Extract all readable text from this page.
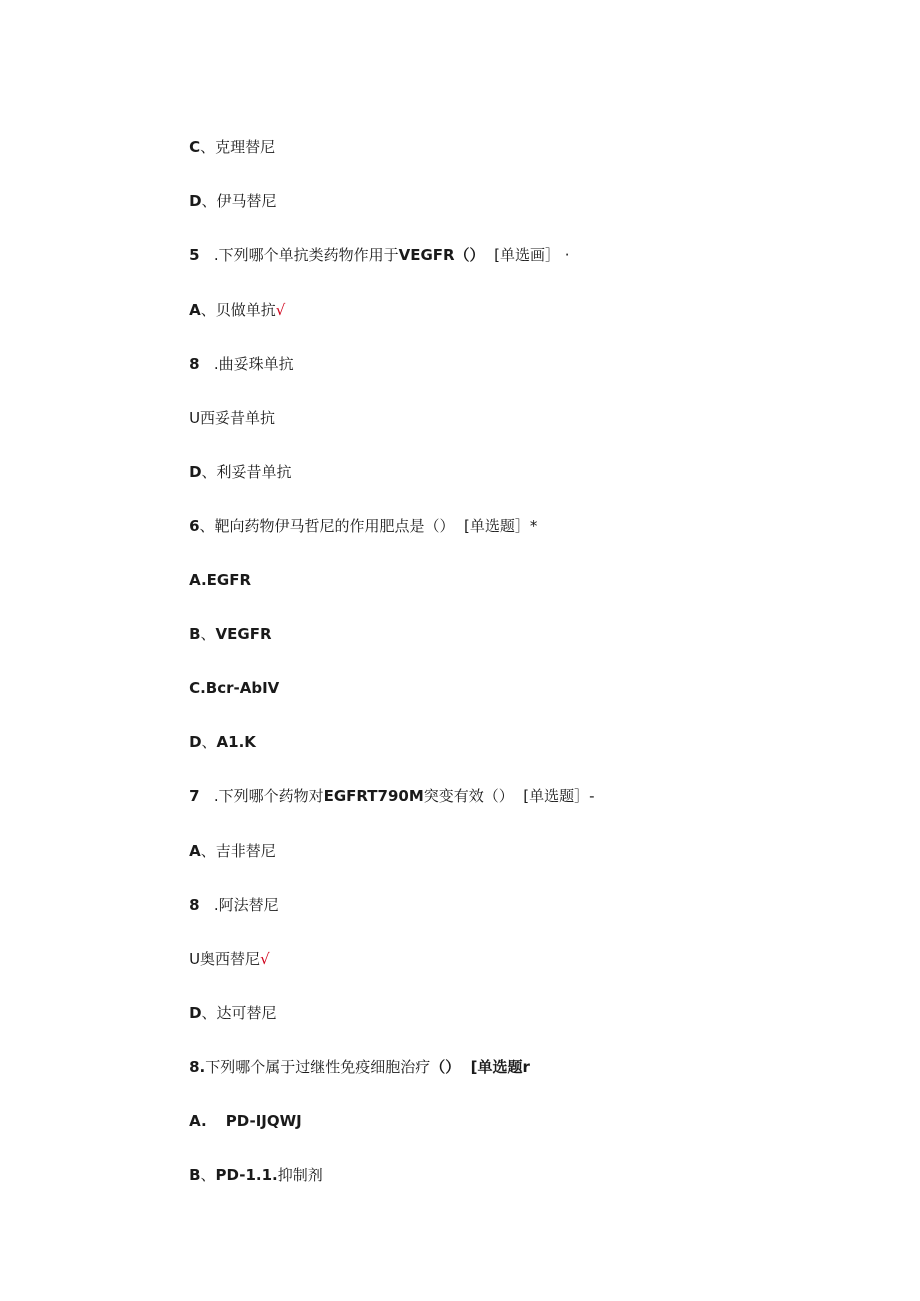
C、克理替尼

D、伊马替尼

5   .下列哪个单抗类药物作用于VEGFR（）  [单选画］ ·

A、贝做单抗√

8   .曲妥珠单抗

U西妥昔单抗

D、利妥昔单抗

6、靶向药物伊马哲尼的作用肥点是（）  [单选题］*

A.EGFR

B、VEGFR

C.Bcr-AbIV

D、A1.K

7   .下列哪个药物对EGFRT790M突变有效（）  [单选题］-

A、吉非替尼

8   .阿法替尼

U奥西替尼√

D、达可替尼

8.下列哪个属于过继性免疫细胞治疗（）  [单选题r

A. PD-IJQWJ

B、PD-1.1.抑制剂
